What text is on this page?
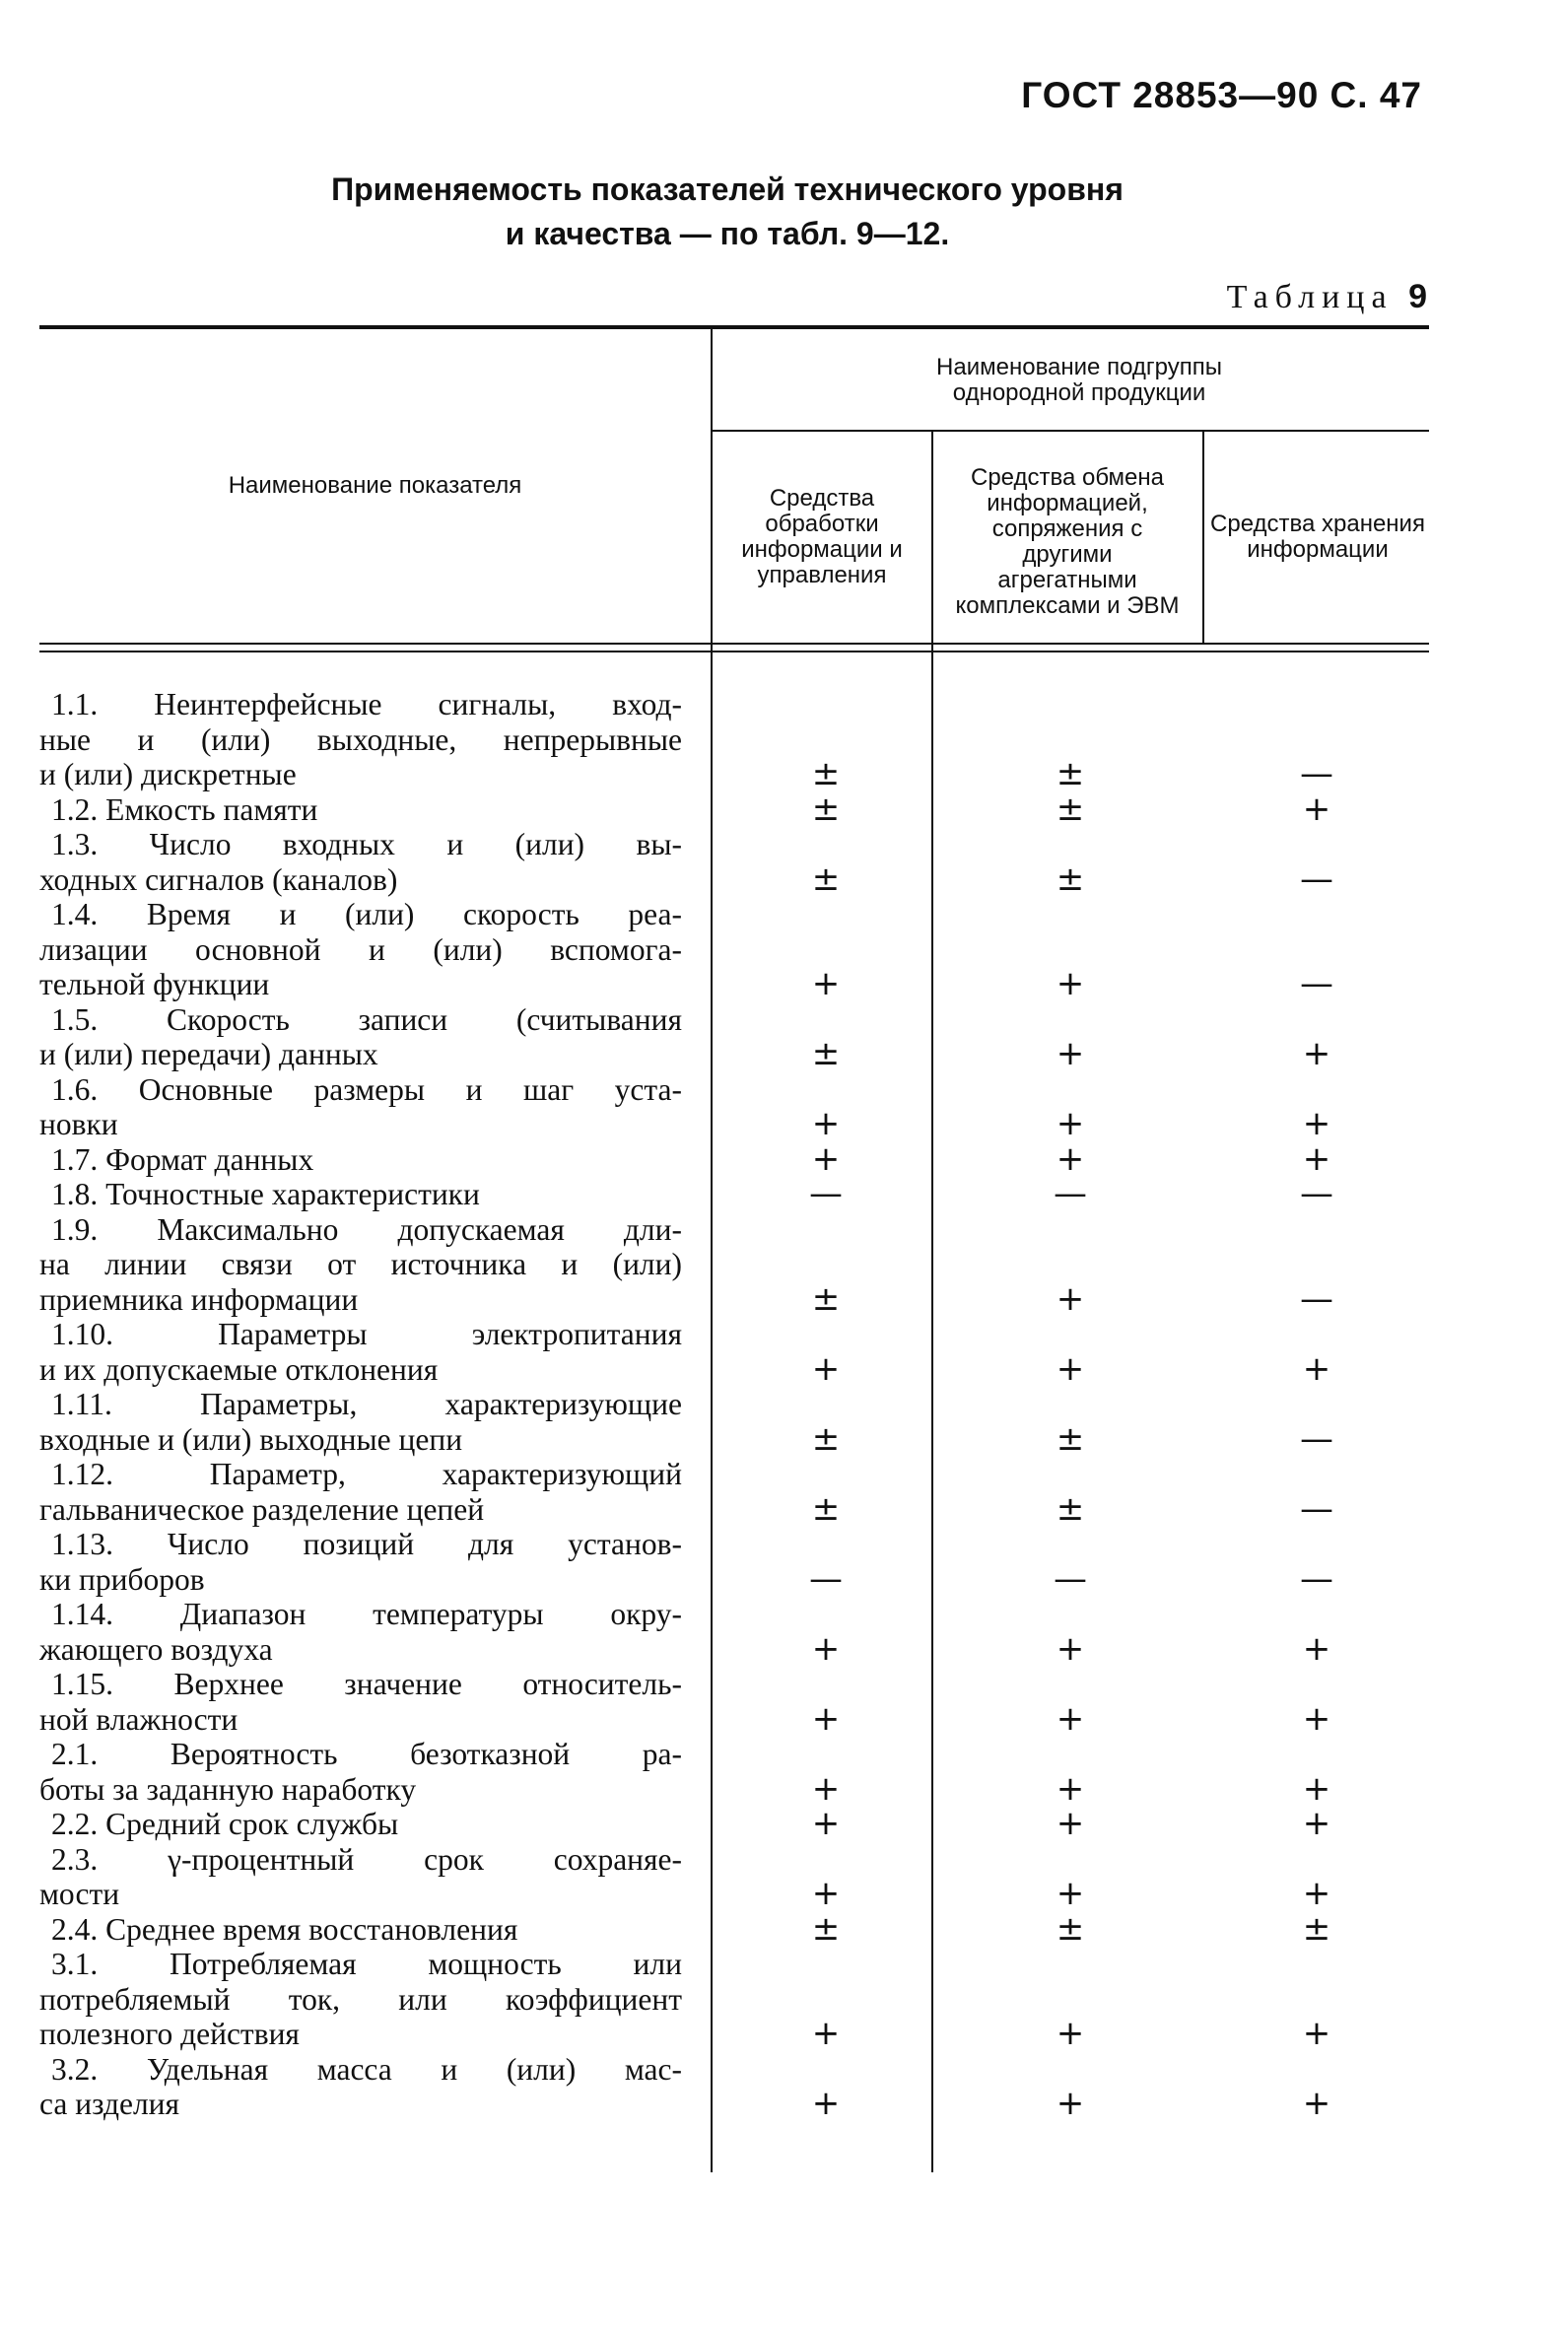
ГОСТ 28853—90 С. 47
Применяемость показателей технического уровня
и качества — по табл. 9—12.
Таблица 9
Наименование показателя
Наименование подгруппы однородной продукции
Средства обработки информации и управления
Средства обмена информацией, сопряжения с другими агрегатными комплексами и ЭВМ
Средства хранения информации
1.1. Неинтерфейсные сигналы, вход-
ные и (или) выходные, непрерывные
и (или) дискретные	±	±	—
1.2. Емкость памяти	±	±	+
1.3. Число входных и (или) вы-
ходных сигналов (каналов)	±	±	—
1.4. Время и (или) скорость реа-
лизации основной и (или) вспомога-
тельной функции	+	+	—
1.5. Скорость записи (считывания
и (или) передачи) данных	±	+	+
1.6. Основные размеры и шаг уста-
новки	+	+	+
1.7. Формат данных	+	+	+
1.8. Точностные характеристики	—	—	—
1.9. Максимально допускаемая дли-
на линии связи от источника и (или)
приемника информации	±	+	—
1.10. Параметры электропитания
и их допускаемые отклонения	+	+	+
1.11. Параметры, характеризующие
входные и (или) выходные цепи	±	±	—
1.12. Параметр, характеризующий
гальваническое разделение цепей	±	±	—
1.13. Число позиций для установ-
ки приборов	—	—	—
1.14. Диапазон температуры окру-
жающего воздуха	+	+	+
1.15. Верхнее значение относитель-
ной влажности	+	+	+
2.1. Вероятность безотказной ра-
боты за заданную наработку	+	+	+
2.2. Средний срок службы	+	+	+
2.3. γ-процентный срок сохраняе-
мости	+	+	+
2.4. Среднее время восстановления	±	±	±
3.1. Потребляемая мощность или
потребляемый ток, или коэффициент
полезного действия	+	+	+
3.2. Удельная масса и (или) мас-
са изделия	+	+	+
